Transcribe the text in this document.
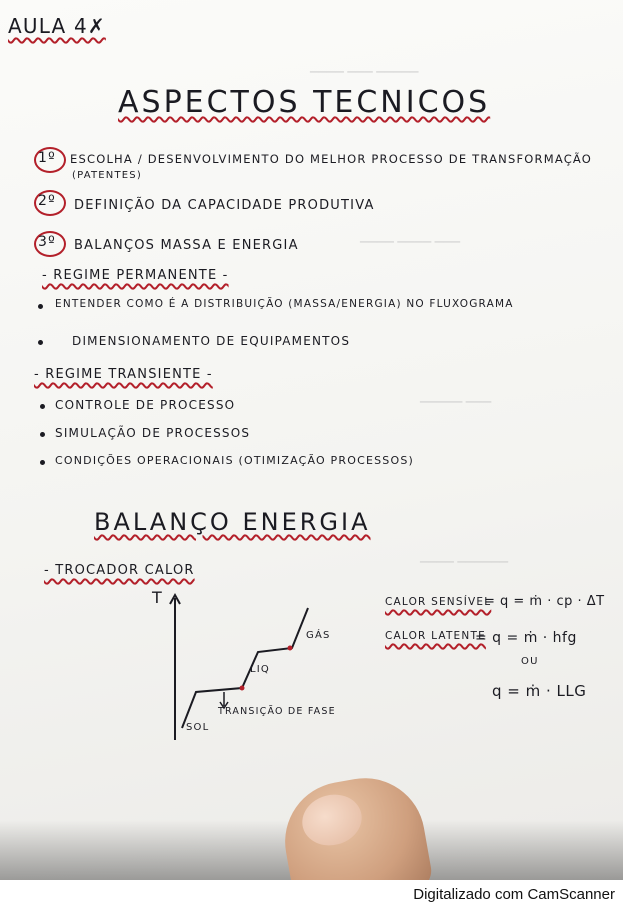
▁▁▁▁ ▁▁▁ ▁▁▁▁▁
▁▁▁▁ ▁▁▁▁ ▁▁▁
▁▁▁▁▁ ▁▁▁
▁▁▁▁ ▁▁▁▁▁▁
AULA 4✗
ASPECTOS TECNICOS
1º ESCOLHA / DESENVOLVIMENTO DO MELHOR PROCESSO DE TRANSFORMAÇÃO
(PATENTES)
2º DEFINIÇÃO DA CAPACIDADE PRODUTIVA
3º BALANÇOS MASSA E ENERGIA
- REGIME PERMANENTE -
ENTENDER COMO É A DISTRIBUIÇÃO (MASSA/ENERGIA) NO FLUXOGRAMA
DIMENSIONAMENTO DE EQUIPAMENTOS
- REGIME TRANSIENTE -
CONTROLE DE PROCESSO
SIMULAÇÃO DE PROCESSOS
CONDIÇÕES OPERACIONAIS (OTIMIZAÇÃO PROCESSOS)
BALANÇO ENERGIA
- TROCADOR CALOR
T
SOL
LIQ
GÁS
TRANSIÇÃO DE FASE
CALOR SENSÍVEL
= q = ṁ · cp · ΔT
CALOR LATENTE
= q = ṁ · hfg
OU
q = ṁ · LLG
Digitalizado com CamScanner
